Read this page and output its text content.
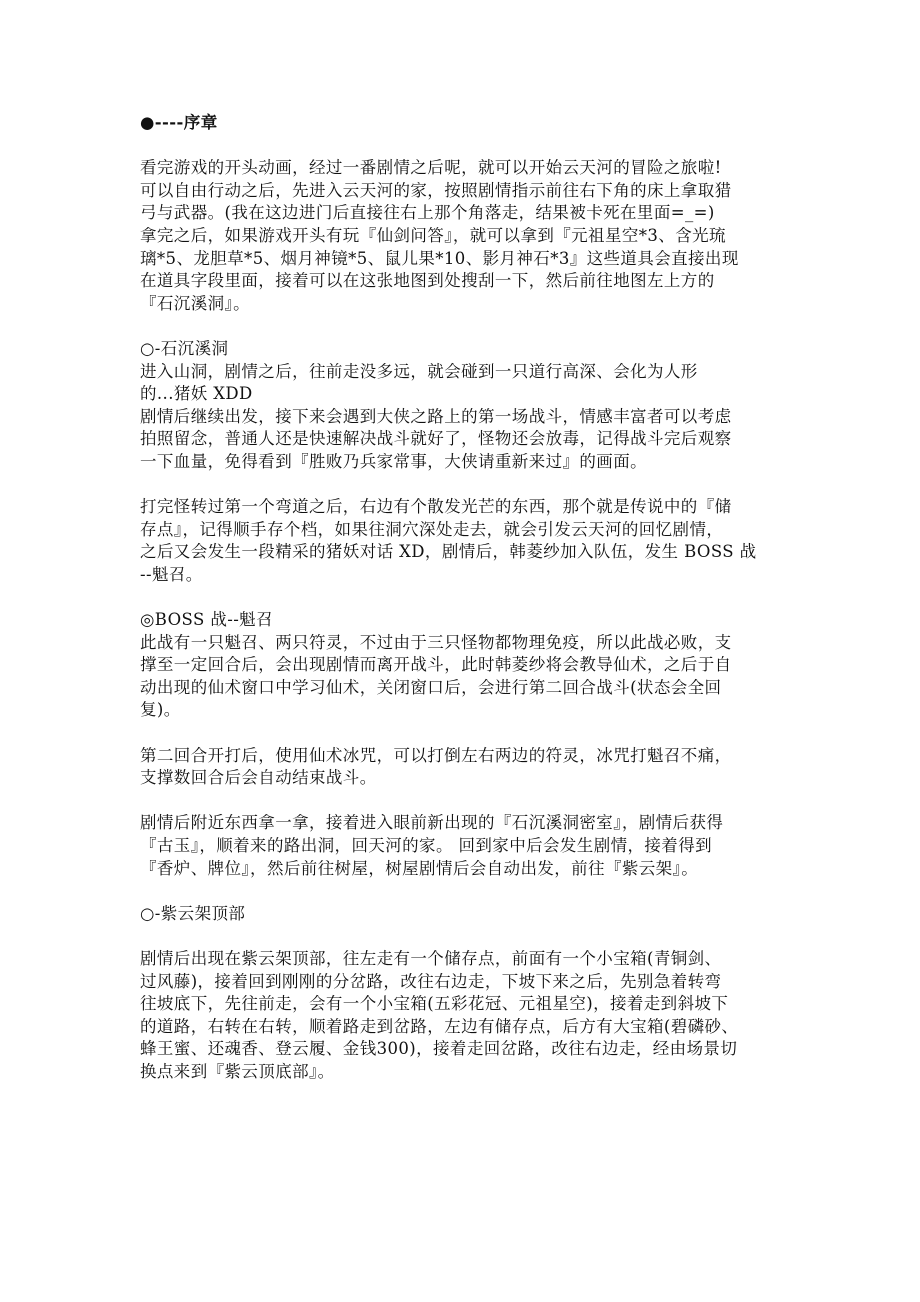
●----序章
看完游戏的开头动画，经过一番剧情之后呢，就可以开始云天河的冒险之旅啦!
可以自由行动之后，先进入云天河的家，按照剧情指示前往右下角的床上拿取猎
弓与武器。(我在这边进门后直接往右上那个角落走，结果被卡死在里面=_=)
拿完之后，如果游戏开头有玩『仙剑问答』，就可以拿到『元祖星空*3、含光琉
璃*5、龙胆草*5、烟月神镜*5、鼠儿果*10、影月神石*3』这些道具会直接出现
在道具字段里面，接着可以在这张地图到处搜刮一下，然后前往地图左上方的
『石沉溪洞』。
○-石沉溪洞
进入山洞，剧情之后，往前走没多远，就会碰到一只道行高深、会化为人形
的...猪妖 XDD
剧情后继续出发，接下来会遇到大侠之路上的第一场战斗，情感丰富者可以考虑
拍照留念，普通人还是快速解决战斗就好了，怪物还会放毒，记得战斗完后观察
一下血量，免得看到『胜败乃兵家常事，大侠请重新来过』的画面。
打完怪转过第一个弯道之后，右边有个散发光芒的东西，那个就是传说中的『储
存点』，记得顺手存个档，如果往洞穴深处走去，就会引发云天河的回忆剧情，
之后又会发生一段精采的猪妖对话 XD，剧情后，韩菱纱加入队伍，发生 BOSS 战
--魁召。
◎BOSS 战--魁召
此战有一只魁召、两只符灵，不过由于三只怪物都物理免疫，所以此战必败，支
撑至一定回合后，会出现剧情而离开战斗，此时韩菱纱将会教导仙术，之后于自
动出现的仙术窗口中学习仙术，关闭窗口后，会进行第二回合战斗(状态会全回
复)。
第二回合开打后，使用仙术冰咒，可以打倒左右两边的符灵，冰咒打魁召不痛，
支撑数回合后会自动结束战斗。
剧情后附近东西拿一拿，接着进入眼前新出现的『石沉溪洞密室』，剧情后获得
『古玉』，顺着来的路出洞，回天河的家。 回到家中后会发生剧情，接着得到
『香炉、牌位』，然后前往树屋，树屋剧情后会自动出发，前往『紫云架』。
○-紫云架顶部
剧情后出现在紫云架顶部，往左走有一个储存点，前面有一个小宝箱(青铜剑、
过风藤)，接着回到刚刚的分岔路，改往右边走，下坡下来之后，先别急着转弯
往坡底下，先往前走，会有一个小宝箱(五彩花冠、元祖星空)，接着走到斜坡下
的道路，右转在右转，顺着路走到岔路，左边有储存点，后方有大宝箱(碧磷砂、
蜂王蜜、还魂香、登云履、金钱300)，接着走回岔路，改往右边走，经由场景切
换点来到『紫云顶底部』。
